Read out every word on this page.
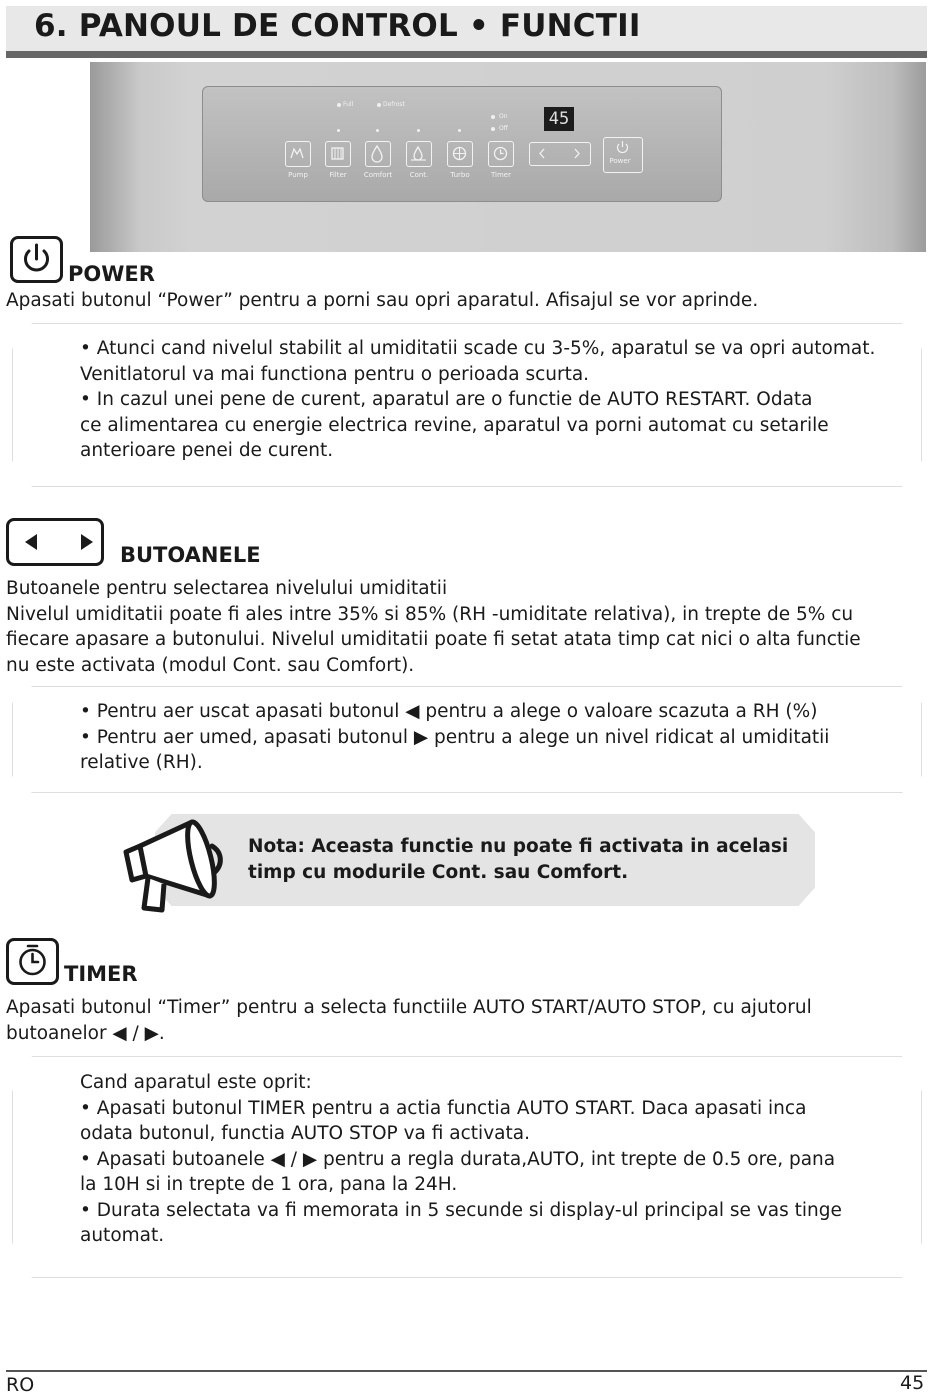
6. PANOUL DE CONTROL • FUNCTII
Full	Defrost
On
Off 45
Pump	Filter	Comfort	Cont.	Turbo	Timer
Power
POWER
Apasati butonul “Power” pentru a porni sau opri aparatul. Afisajul se vor aprinde.
• Atunci cand nivelul stabilit al umiditatii scade cu 3-5%, aparatul se va opri automat.
Venitlatorul va mai functiona pentru o perioada scurta.
• In cazul unei pene de curent, aparatul are o functie de AUTO RESTART. Odata
ce alimentarea cu energie electrica revine, aparatul va porni automat cu setarile
anterioare penei de curent.
BUTOANELE
Butoanele pentru selectarea nivelului umiditatii
Nivelul umiditatii poate fi ales intre 35% si 85% (RH -umiditate relativa), in trepte de 5% cu
fiecare apasare a butonului. Nivelul umiditatii poate fi setat atata timp cat nici o alta functie
nu este activata (modul Cont. sau Comfort).
• Pentru aer uscat apasati butonul ◀ pentru a alege o valoare scazuta a RH (%)
• Pentru aer umed, apasati butonul ▶ pentru a alege un nivel ridicat al umiditatii
relative (RH).
Nota: Aceasta functie nu poate fi activata in acelasi
timp cu modurile Cont. sau Comfort.
TIMER
Apasati butonul “Timer” pentru a selecta functiile AUTO START/AUTO STOP, cu ajutorul
butoanelor ◀ / ▶.
Cand aparatul este oprit:
• Apasati butonul TIMER pentru a actia functia AUTO START. Daca apasati inca
odata butonul, functia AUTO STOP va fi activata.
• Apasati butoanele ◀ / ▶ pentru a regla durata,AUTO, int trepte de 0.5 ore, pana
la 10H si in trepte de 1 ora, pana la 24H.
• Durata selectata va fi memorata in 5 secunde si display-ul principal se vas tinge
automat.
RO	45
